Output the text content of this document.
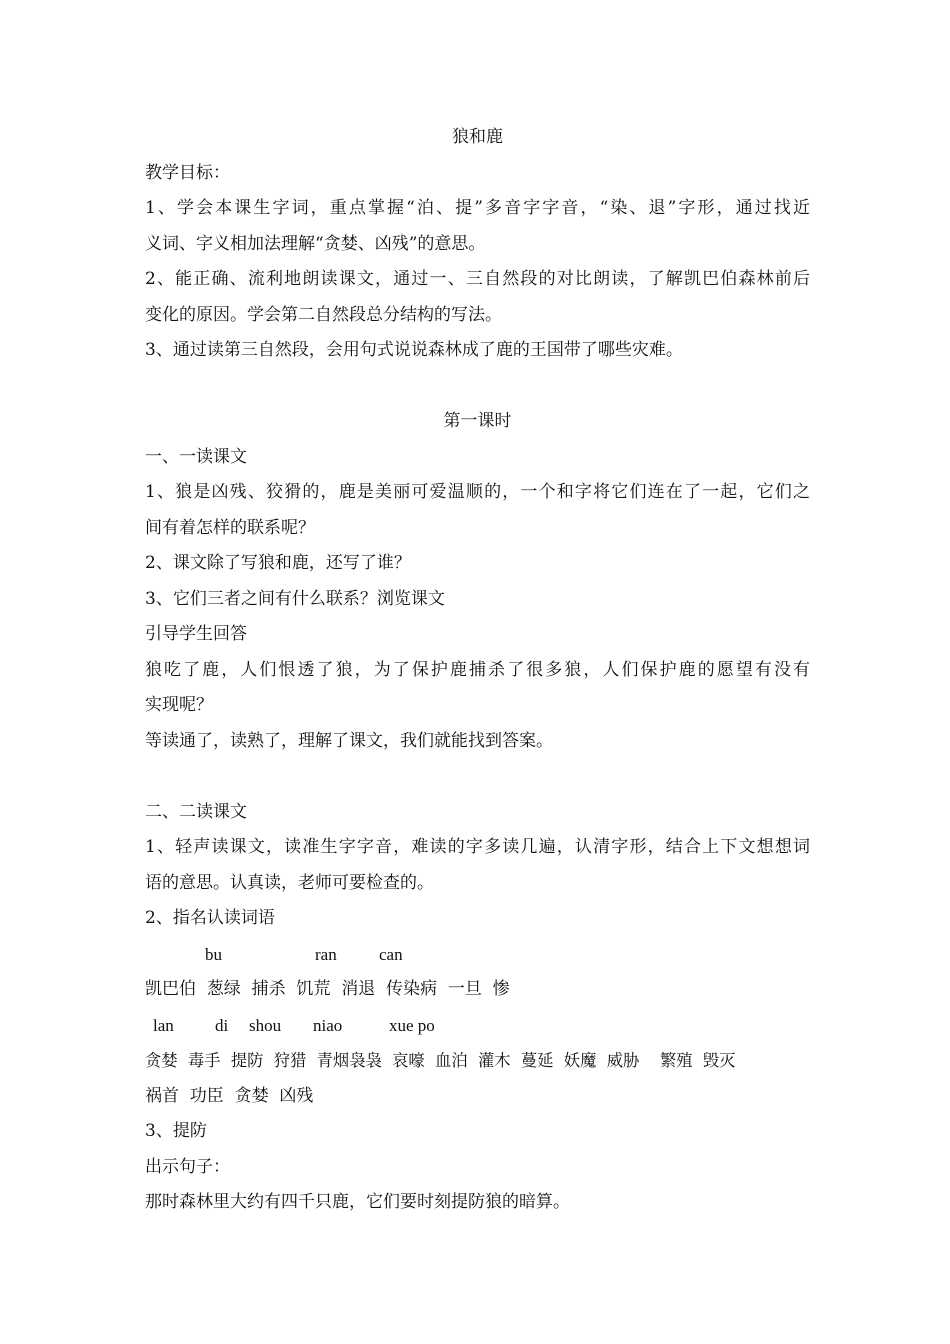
狼和鹿
教学目标：
1、学会本课生字词，重点掌握“泊、提”多音字字音，“染、退”字形，通过找近
义词、字义相加法理解“贪婪、凶残”的意思。
2、能正确、流利地朗读课文，通过一、三自然段的对比朗读，了解凯巴伯森林前后
变化的原因。学会第二自然段总分结构的写法。
3、通过读第三自然段，会用句式说说森林成了鹿的王国带了哪些灾难。
第一课时
一、一读课文
1、狼是凶残、狡猾的，鹿是美丽可爱温顺的，一个和字将它们连在了一起，它们之
间有着怎样的联系呢？
2、课文除了写狼和鹿，还写了谁？
3、它们三者之间有什么联系？浏览课文
引导学生回答
狼吃了鹿，人们恨透了狼，为了保护鹿捕杀了很多狼，人们保护鹿的愿望有没有
实现呢？
等读通了，读熟了，理解了课文，我们就能找到答案。
二、二读课文
1、轻声读课文，读准生字字音，难读的字多读几遍，认清字形，结合上下文想想词
语的意思。认真读，老师可要检查的。
2、指名认读词语
bu	ran can
凯巴伯  葱绿  捕杀  饥荒  消退  传染病  一旦  惨
lan di shou niao	xue po
贪婪  毒手  提防  狩猎  青烟袅袅  哀嚎  血泊  灌木  蔓延  妖魔  威胁    繁殖  毁灭
祸首  功臣  贪婪  凶残
3、提防
出示句子：
那时森林里大约有四千只鹿，它们要时刻提防狼的暗算。
